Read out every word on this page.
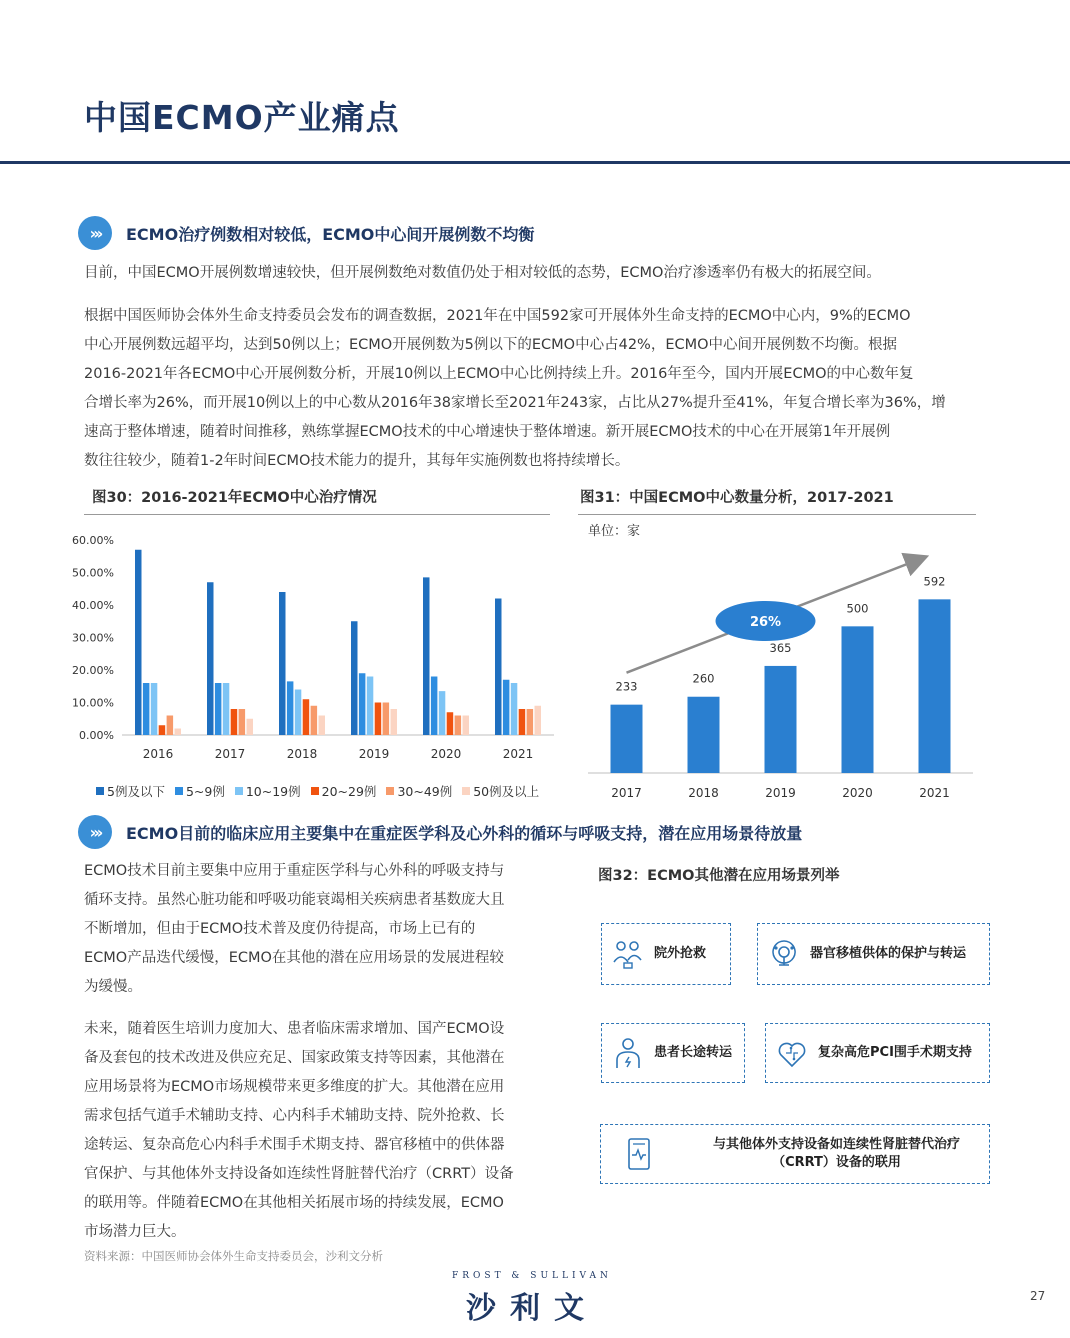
中国ECMO产业痛点
›››	ECMO治疗例数相对较低，ECMO中心间开展例数不均衡

目前，中国ECMO开展例数增速较快，但开展例数绝对数值仍处于相对较低的态势，ECMO治疗渗透率仍有极大的拓展空间。

根据中国医师协会体外生命支持委员会发布的调查数据，2021年在中国592家可开展体外生命支持的ECMO中心内，9%的ECMO

中心开展例数远超平均，达到50例以上；ECMO开展例数为5例以下的ECMO中心占42%，ECMO中心间开展例数不均衡。根据

2016-2021年各ECMO中心开展例数分析，开展10例以上ECMO中心比例持续上升。2016年至今，国内开展ECMO的中心数年复

合增长率为26%，而开展10例以上的中心数从2016年38家增长至2021年243家，占比从27%提升至41%，年复合增长率为36%，增

速高于整体增速，随着时间推移，熟练掌握ECMO技术的中心增速快于整体增速。新开展ECMO技术的中心在开展第1年开展例

数往往较少，随着1-2年时间ECMO技术能力的提升，其每年实施例数也将持续增长。

图30：2016-2021年ECMO中心治疗情况
0.00%
10.00%
20.00%
30.00%
40.00%
50.00%
60.00%
2016	2017	2018	2019	2020	2021
5例及以下 5~9例 10~19例 20~29例 30~49例 50例及以上
图31：中国ECMO中心数量分析，2017-2021
单位：家
233
2017
260
2018
365
2019
500
2020
592
2021
26%
›››	ECMO目前的临床应用主要集中在重症医学科及心外科的循环与呼吸支持，潜在应用场景待放量

ECMO技术目前主要集中应用于重症医学科与心外科的呼吸支持与

循环支持。虽然心脏功能和呼吸功能衰竭相关疾病患者基数庞大且

不断增加，但由于ECMO技术普及度仍待提高，市场上已有的

ECMO产品迭代缓慢，ECMO在其他的潜在应用场景的发展进程较

为缓慢。

未来，随着医生培训力度加大、患者临床需求增加、国产ECMO设

备及套包的技术改进及供应充足、国家政策支持等因素，其他潜在

应用场景将为ECMO市场规模带来更多维度的扩大。其他潜在应用

需求包括气道手术辅助支持、心内科手术辅助支持、院外抢救、长

途转运、复杂高危心内科手术围手术期支持、器官移植中的供体器

官保护、与其他体外支持设备如连续性肾脏替代治疗（CRRT）设备

的联用等。伴随着ECMO在其他相关拓展市场的持续发展，ECMO

市场潜力巨大。

图32：ECMO其他潜在应用场景列举
院外抢救	器官移植供体的保护与转运
患者长途转运	复杂高危PCI围手术期支持
与其他体外支持设备如连续性肾脏替代治疗
（CRRT）设备的联用
资料来源：中国医师协会体外生命支持委员会，沙利文分析
FROST & SULLIVAN
沙利文	27
